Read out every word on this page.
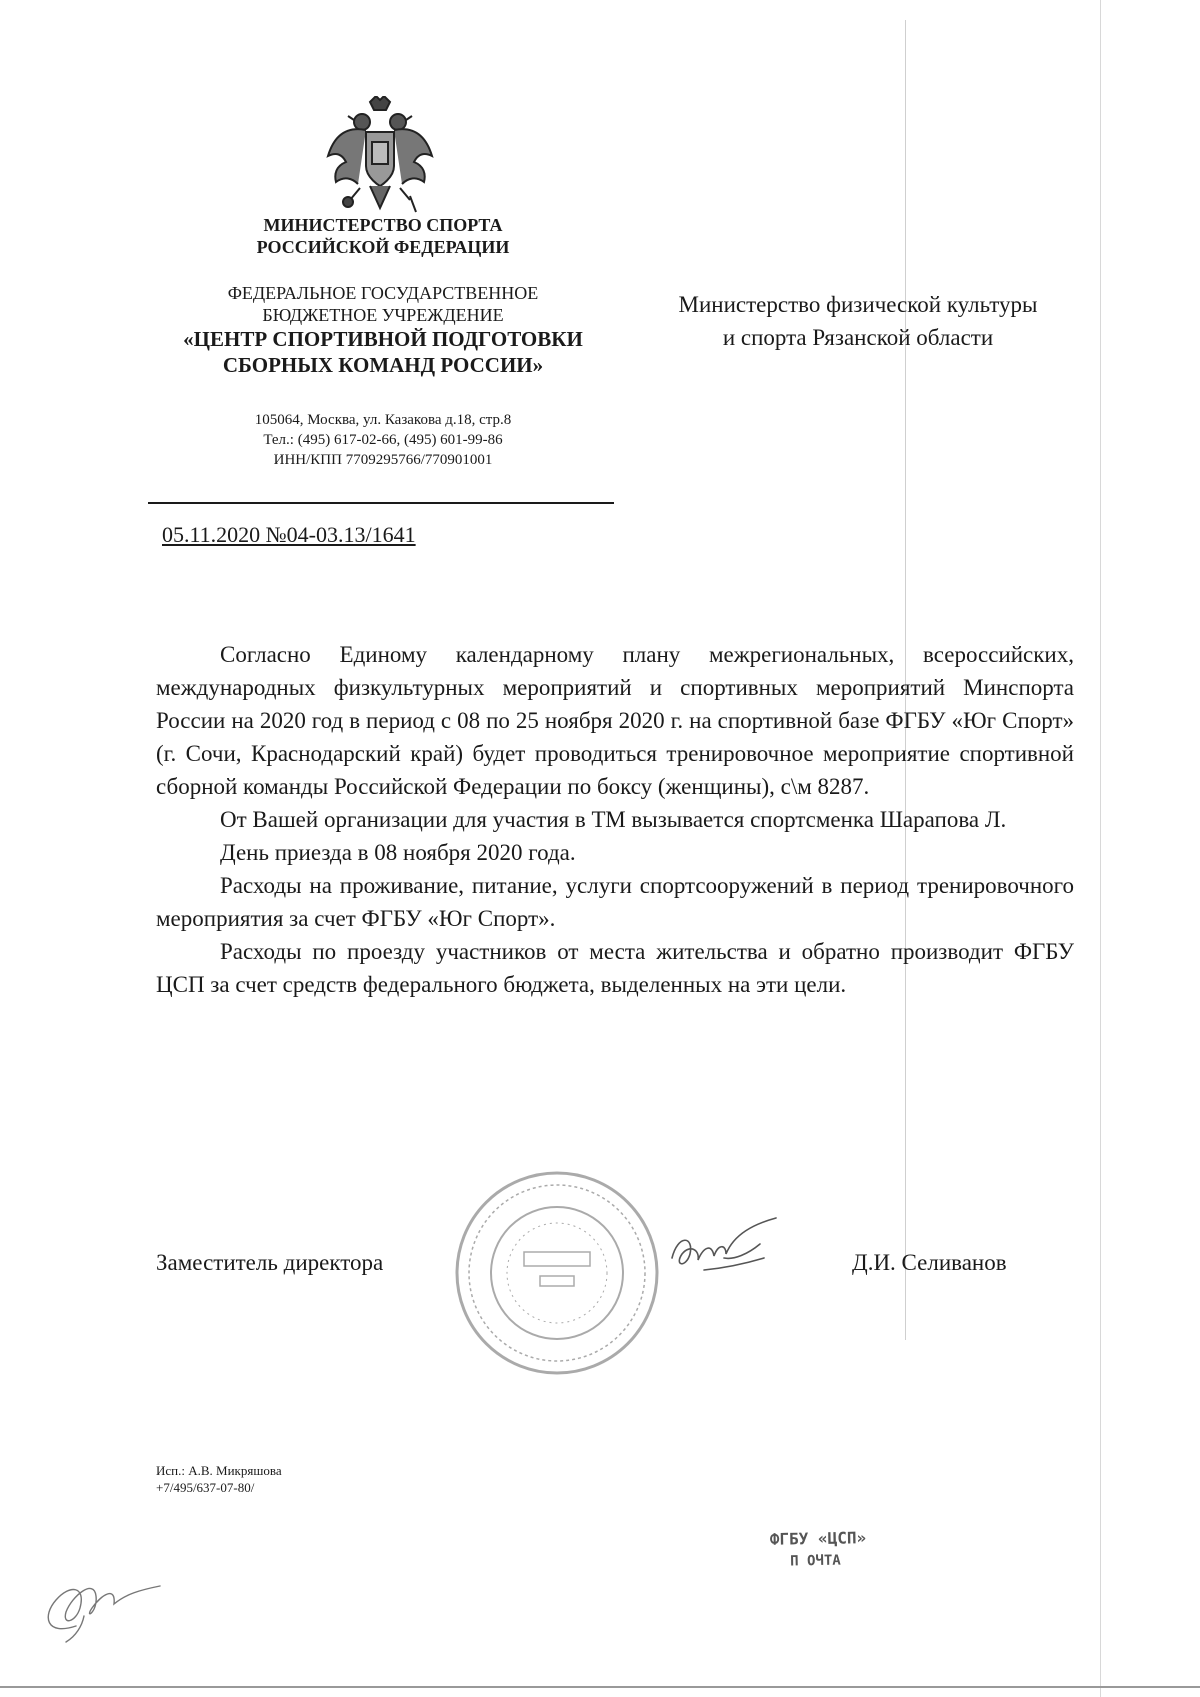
МИНИСТЕРСТВО СПОРТА
РОССИЙСКОЙ ФЕДЕРАЦИИ
ФЕДЕРАЛЬНОЕ ГОСУДАРСТВЕННОЕ
БЮДЖЕТНОЕ УЧРЕЖДЕНИЕ
«ЦЕНТР СПОРТИВНОЙ ПОДГОТОВКИ
СБОРНЫХ КОМАНД РОССИИ»
105064, Москва, ул. Казакова д.18, стр.8
Тел.: (495) 617-02-66, (495) 601-99-86
ИНН/КПП 7709295766/770901001
05.11.2020 №04-03.13/1641
Министерство физической культуры
и спорта Рязанской области

Согласно Единому календарному плану межрегиональных, всероссийских, международных физкультурных мероприятий и спортивных мероприятий Минспорта России на 2020 год в период с 08 по 25 ноября 2020 г. на спортивной базе ФГБУ «Юг Спорт» (г. Сочи, Краснодарский край) будет проводиться тренировочное мероприятие спортивной сборной команды Российской Федерации по боксу (женщины), с\м 8287.

От Вашей организации для участия в ТМ вызывается спортсменка Шарапова Л.

День приезда в 08 ноября 2020 года.

Расходы на проживание, питание, услуги спортсооружений в период тренировочного мероприятия за счет ФГБУ «Юг Спорт».

Расходы по проезду участников от места жительства и обратно производит ФГБУ ЦСП за счет средств федерального бюджета, выделенных на эти цели.

Заместитель директора	Д.И. Селиванов
Исп.: А.В. Микряшова
+7/495/637-07-80/
ФГБУ «ЦСП»
П ОЧТА
